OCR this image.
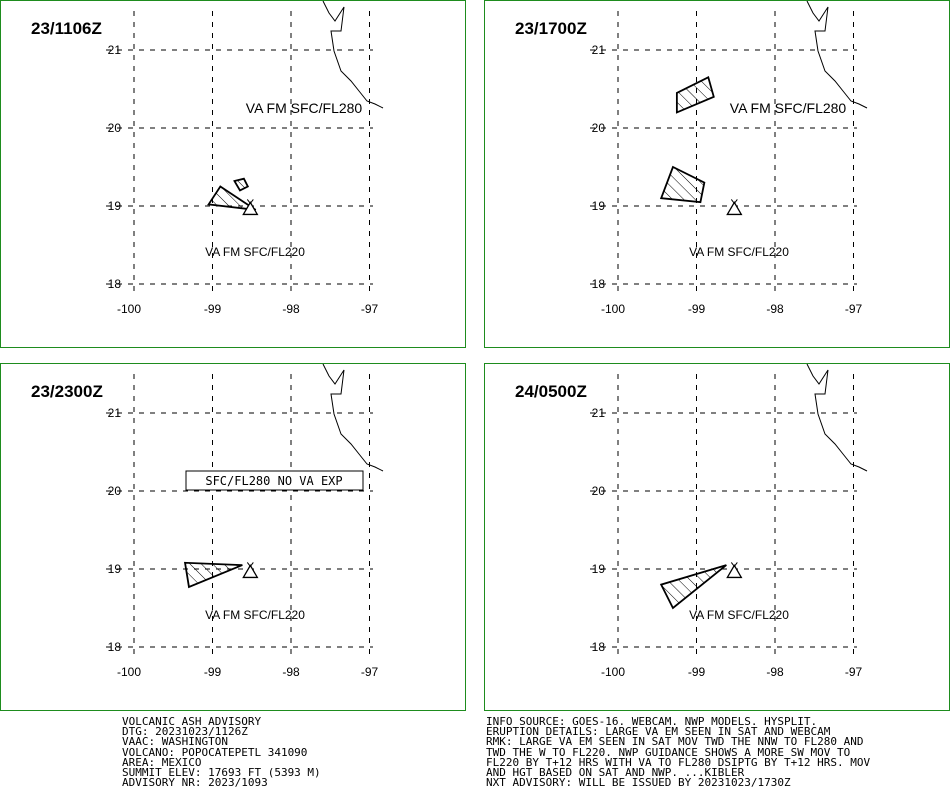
-100	-99	-98	-97
21
20
19
18
VA FM SFC/FL280
VA FM SFC/FL220
23/1106Z
-100	-99	-98	-97
21
20
19
18
VA FM SFC/FL280
VA FM SFC/FL220
23/1700Z
-100	-99	-98	-97
21
20
19
18
VA FM SFC/FL220
SFC/FL280 NO VA EXP
23/2300Z
-100	-99	-98	-97
21
20
19
18
VA FM SFC/FL220
24/0500Z
VOLCANIC ASH ADVISORY
DTG: 20231023/1126Z
VAAC: WASHINGTON
VOLCANO: POPOCATEPETL 341090
AREA: MEXICO
SUMMIT ELEV: 17693 FT (5393 M)
ADVISORY NR: 2023/1093
INFO SOURCE: GOES-16. WEBCAM. NWP MODELS. HYSPLIT.
ERUPTION DETAILS: LARGE VA EM SEEN IN SAT AND WEBCAM
RMK: LARGE VA EM SEEN IN SAT MOV TWD THE NNW TO FL280 AND
TWD THE W TO FL220. NWP GUIDANCE SHOWS A MORE SW MOV TO
FL220 BY T+12 HRS WITH VA TO FL280 DSIPTG BY T+12 HRS. MOV
AND HGT BASED ON SAT AND NWP. ...KIBLER
NXT ADVISORY: WILL BE ISSUED BY 20231023/1730Z
